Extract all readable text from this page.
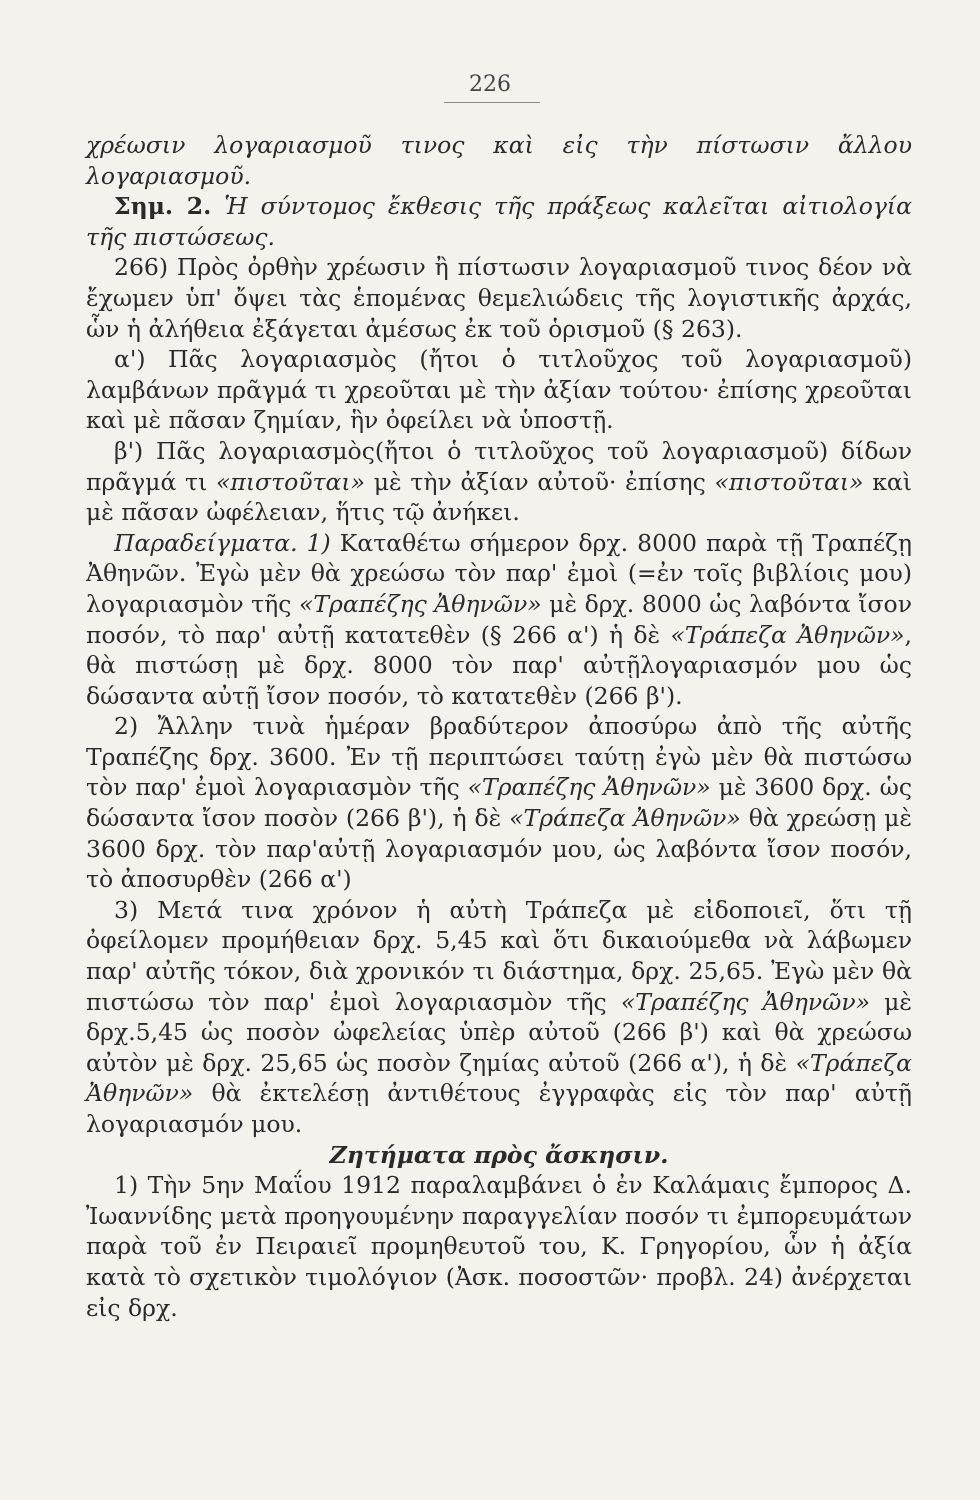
226

χρέωσιν λογαριασμοῦ τινος καὶ εἰς τὴν πίστωσιν ἄλλου λογαριασμοῦ.

Σημ. 2. Ἡ σύντομος ἔκθεσις τῆς πράξεως καλεῖται αἰτιολογία τῆς πιστώσεως.

266) Πρὸς ὀρθὴν χρέωσιν ἢ πίστωσιν λογαριασμοῦ τινος δέον νὰ ἔχωμεν ὑπ' ὄψει τὰς ἑπομένας θεμελιώδεις τῆς λογιστικῆς ἀρχάς, ὧν ἡ ἀλήθεια ἐξάγεται ἀμέσως ἐκ τοῦ ὁρισμοῦ (§ 263).

α') Πᾶς λογαριασμὸς (ἤτοι ὁ τιτλοῦχος τοῦ λογαριασμοῦ) λαμβάνων πρᾶγμά τι χρεοῦται μὲ τὴν ἀξίαν τούτου· ἐπίσης χρεοῦται καὶ μὲ πᾶσαν ζημίαν, ἣν ὀφείλει νὰ ὑποστῇ.

β') Πᾶς λογαριασμὸς(ἤτοι ὁ τιτλοῦχος τοῦ λογαριασμοῦ) δίδων πρᾶγμά τι «πιστοῦται» μὲ τὴν ἀξίαν αὐτοῦ· ἐπίσης «πιστοῦται» καὶ μὲ πᾶσαν ὠφέλειαν, ἥτις τῷ ἀνήκει.

Παραδείγματα. 1) Καταθέτω σήμερον δρχ. 8000 παρὰ τῇ Τραπέζῃ Ἀθηνῶν. Ἐγὼ μὲν θὰ χρεώσω τὸν παρ' ἐμοὶ (=ἐν τοῖς βιβλίοις μου) λογαριασμὸν τῆς «Τραπέζης Ἀθηνῶν» μὲ δρχ. 8000 ὡς λαβόντα ἴσον ποσόν, τὸ παρ' αὐτῇ κατατεθὲν (§ 266 α') ἡ δὲ «Τράπεζα Ἀθηνῶν», θὰ πιστώσῃ μὲ δρχ. 8000 τὸν παρ' αὐτῇλογαριασμόν μου ὡς δώσαντα αὐτῇ ἴσον ποσόν, τὸ κατατεθὲν (266 β').

2) Ἄλλην τινὰ ἡμέραν βραδύτερον ἀποσύρω ἀπὸ τῆς αὐτῆς Τραπέζης δρχ. 3600. Ἐν τῇ περιπτώσει ταύτῃ ἐγὼ μὲν θὰ πιστώσω τὸν παρ' ἐμοὶ λογαριασμὸν τῆς «Τραπέζης Ἀθηνῶν» μὲ 3600 δρχ. ὡς δώσαντα ἴσον ποσὸν (266 β'), ἡ δὲ «Τράπεζα Ἀθηνῶν» θὰ χρεώσῃ μὲ 3600 δρχ. τὸν παρ'αὐτῇ λογαριασμόν μου, ὡς λαβόντα ἴσον ποσόν, τὸ ἀποσυρθὲν (266 α')

3) Μετά τινα χρόνον ἡ αὐτὴ Τράπεζα μὲ εἰδοποιεῖ, ὅτι τῇ ὀφείλομεν προμήθειαν δρχ. 5,45 καὶ ὅτι δικαιούμεθα νὰ λάβωμεν παρ' αὐτῆς τόκον, διὰ χρονικόν τι διάστημα, δρχ. 25,65. Ἐγὼ μὲν θὰ πιστώσω τὸν παρ' ἐμοὶ λογαριασμὸν τῆς «Τραπέζης Ἀθηνῶν» μὲ δρχ.5,45 ὡς ποσὸν ὠφελείας ὑπὲρ αὐτοῦ (266 β') καὶ θὰ χρεώσω αὐτὸν μὲ δρχ. 25,65 ὡς ποσὸν ζημίας αὐτοῦ (266 α'), ἡ δὲ «Τράπεζα Ἀθηνῶν» θὰ ἐκτελέσῃ ἀντιθέτους ἐγγραφὰς εἰς τὸν παρ' αὐτῇ λογαριασμόν μου.

Ζητήματα πρὸς ἄσκησιν.

1) Τὴν 5ην Μαΐου 1912 παραλαμβάνει ὁ ἐν Καλάμαις ἔμπορος Δ. Ἰωαννίδης μετὰ προηγουμένην παραγγελίαν ποσόν τι ἐμπορευμάτων παρὰ τοῦ ἐν Πειραιεῖ προμηθευτοῦ του, Κ. Γρηγορίου, ὧν ἡ ἀξία κατὰ τὸ σχετικὸν τιμολόγιον (Ἀσκ. ποσοστῶν· προβλ. 24) ἀνέρχεται εἰς δρχ.
